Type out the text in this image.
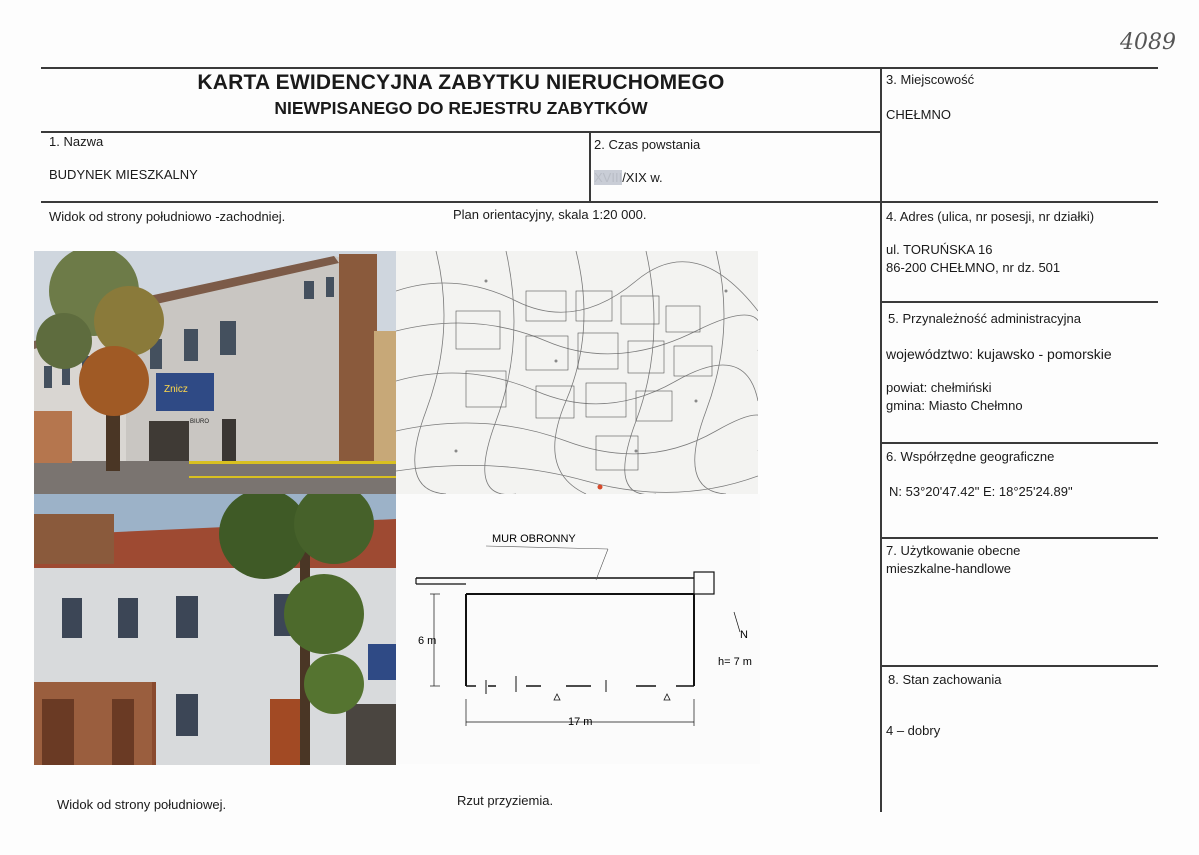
4089
KARTA EWIDENCYJNA ZABYTKU NIERUCHOMEGO
NIEWPISANEGO DO REJESTRU ZABYTKÓW
1. Nazwa
BUDYNEK MIESZKALNY
2. Czas powstania
XVIII/XIX w.
3. Miejscowość
CHEŁMNO
4. Adres (ulica, nr posesji, nr działki)
ul. TORUŃSKA 16
86-200 CHEŁMNO, nr dz. 501
5. Przynależność administracyjna
województwo: kujawsko - pomorskie
powiat: chełmiński
gmina: Miasto Chełmno
6. Współrzędne geograficzne
N: 53°20'47.42" E: 18°25'24.89"
7. Użytkowanie obecne
mieszkalne-handlowe
8. Stan zachowania
4 – dobry
Widok od strony południowo -zachodniej.	Plan orientacyjny, skala 1:20 000.
Widok od strony południowej.	Rzut przyziemia.
Znicz
BIURO
MUR OBRONNY
6 m
17 m
h= 7 m
N
